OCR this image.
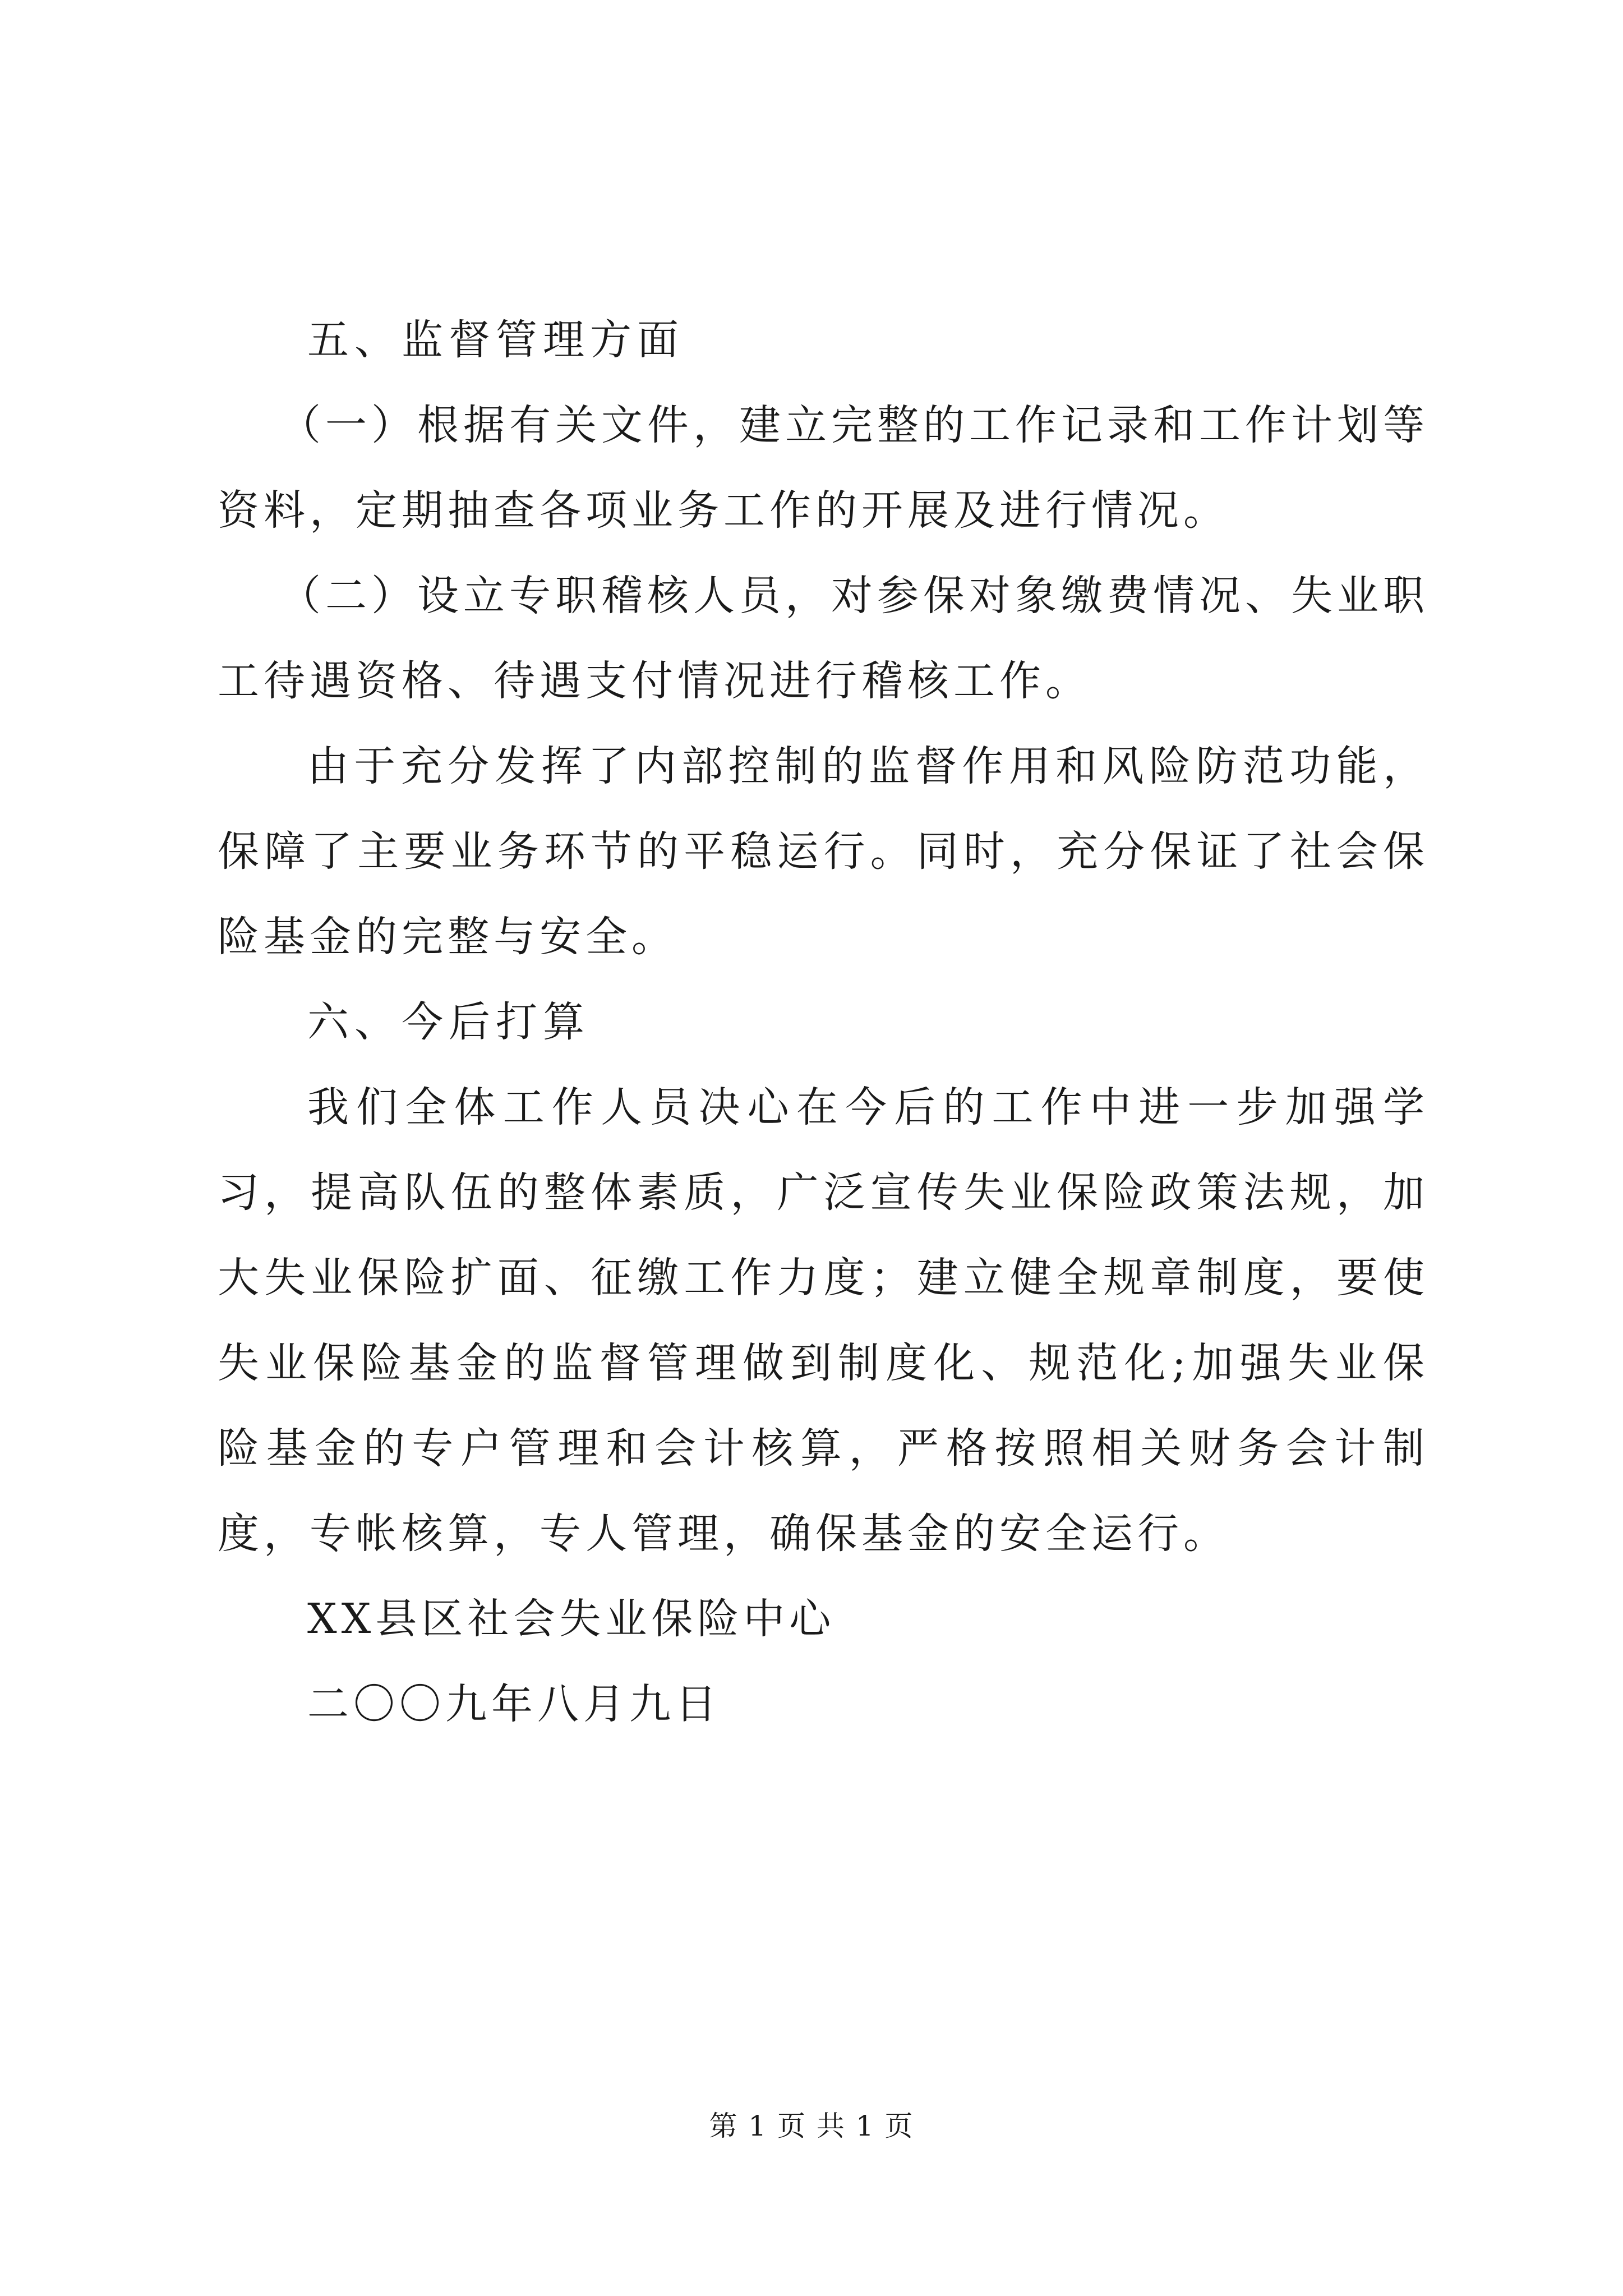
五、监督管理方面

（一）根据有关文件，建立完整的工作记录和工作计划等资料，定期抽查各项业务工作的开展及进行情况。

（二）设立专职稽核人员，对参保对象缴费情况、失业职工待遇资格、待遇支付情况进行稽核工作。

由于充分发挥了内部控制的监督作用和风险防范功能，保障了主要业务环节的平稳运行。同时，充分保证了社会保险基金的完整与安全。

六、今后打算

我们全体工作人员决心在今后的工作中进一步加强学习，提高队伍的整体素质，广泛宣传失业保险政策法规，加大失业保险扩面、征缴工作力度；建立健全规章制度，要使失业保险基金的监督管理做到制度化、规范化;加强失业保险基金的专户管理和会计核算，严格按照相关财务会计制度，专帐核算，专人管理，确保基金的安全运行。

XX县区社会失业保险中心

二〇〇九年八月九日

第 1 页 共 1 页
